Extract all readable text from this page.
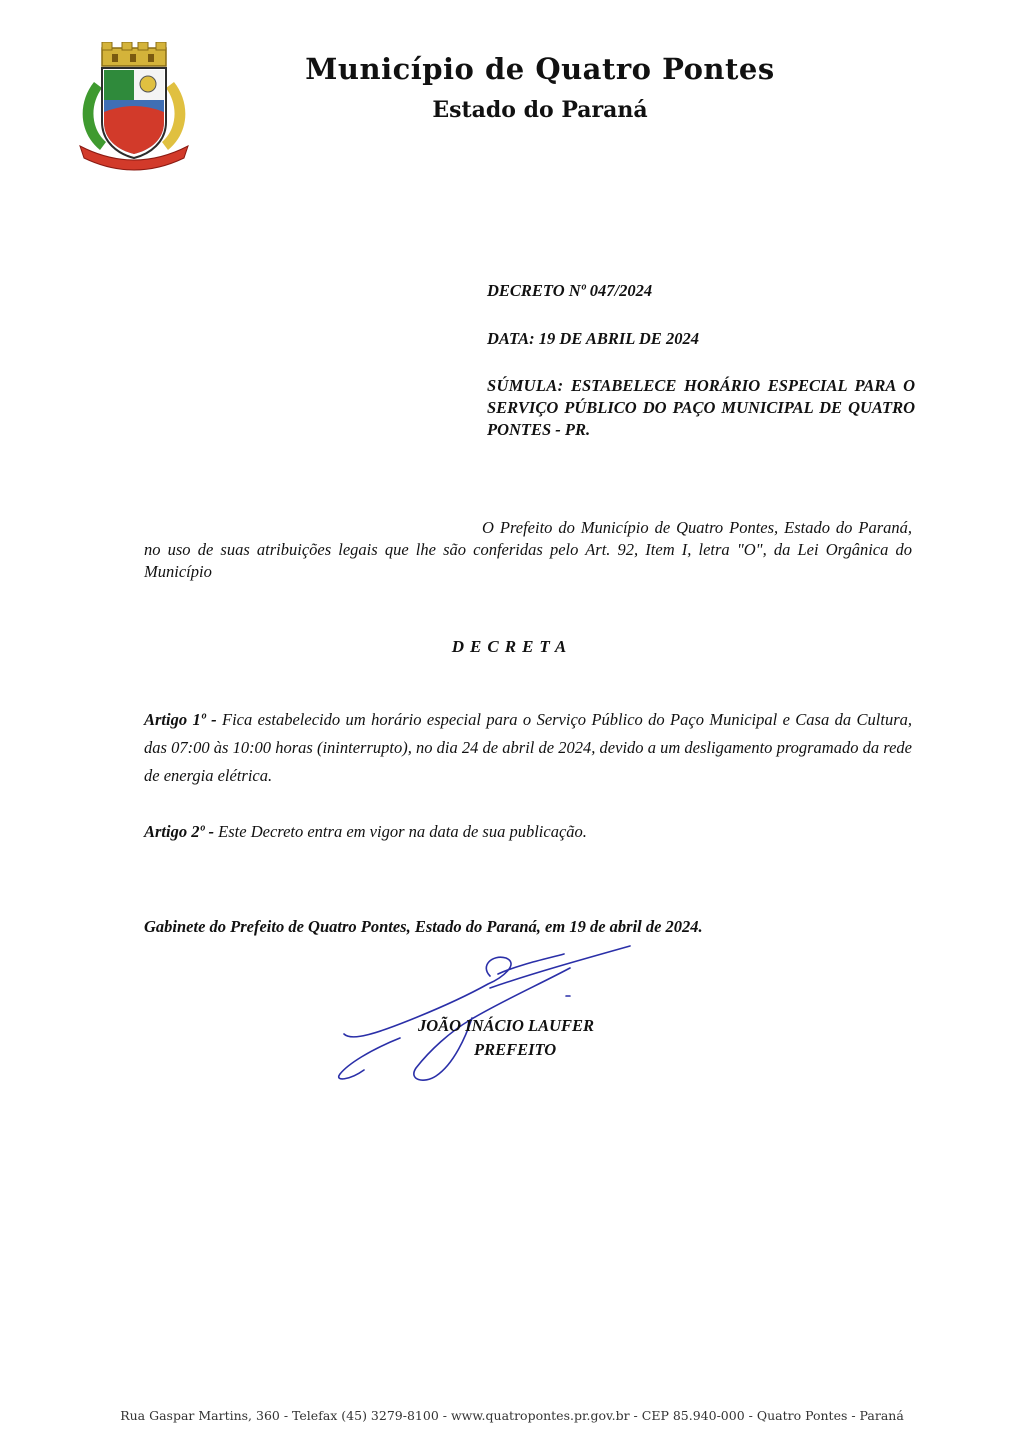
Município de Quatro Pontes
Estado do Paraná
DECRETO Nº 047/2024
DATA: 19 DE ABRIL DE 2024
SÚMULA: ESTABELECE HORÁRIO ESPECIAL PARA O SERVIÇO PÚBLICO DO PAÇO MUNICIPAL DE QUATRO PONTES - PR.
O Prefeito do Município de Quatro Pontes, Estado do Paraná, no uso de suas atribuições legais que lhe são conferidas pelo Art. 92, Item I, letra "O", da Lei Orgânica do Município
DECRETA
Artigo 1º - Fica estabelecido um horário especial para o Serviço Público do Paço Municipal e Casa da Cultura, das 07:00 às 10:00 horas (ininterrupto), no dia 24 de abril de 2024, devido a um desligamento programado da rede de energia elétrica.
Artigo 2º - Este Decreto entra em vigor na data de sua publicação.
Gabinete do Prefeito de Quatro Pontes, Estado do Paraná, em 19 de abril de 2024.
JOÃO INÁCIO LAUFER
PREFEITO
Rua Gaspar Martins, 360 - Telefax (45) 3279-8100 - www.quatropontes.pr.gov.br - CEP 85.940-000 - Quatro Pontes - Paraná
